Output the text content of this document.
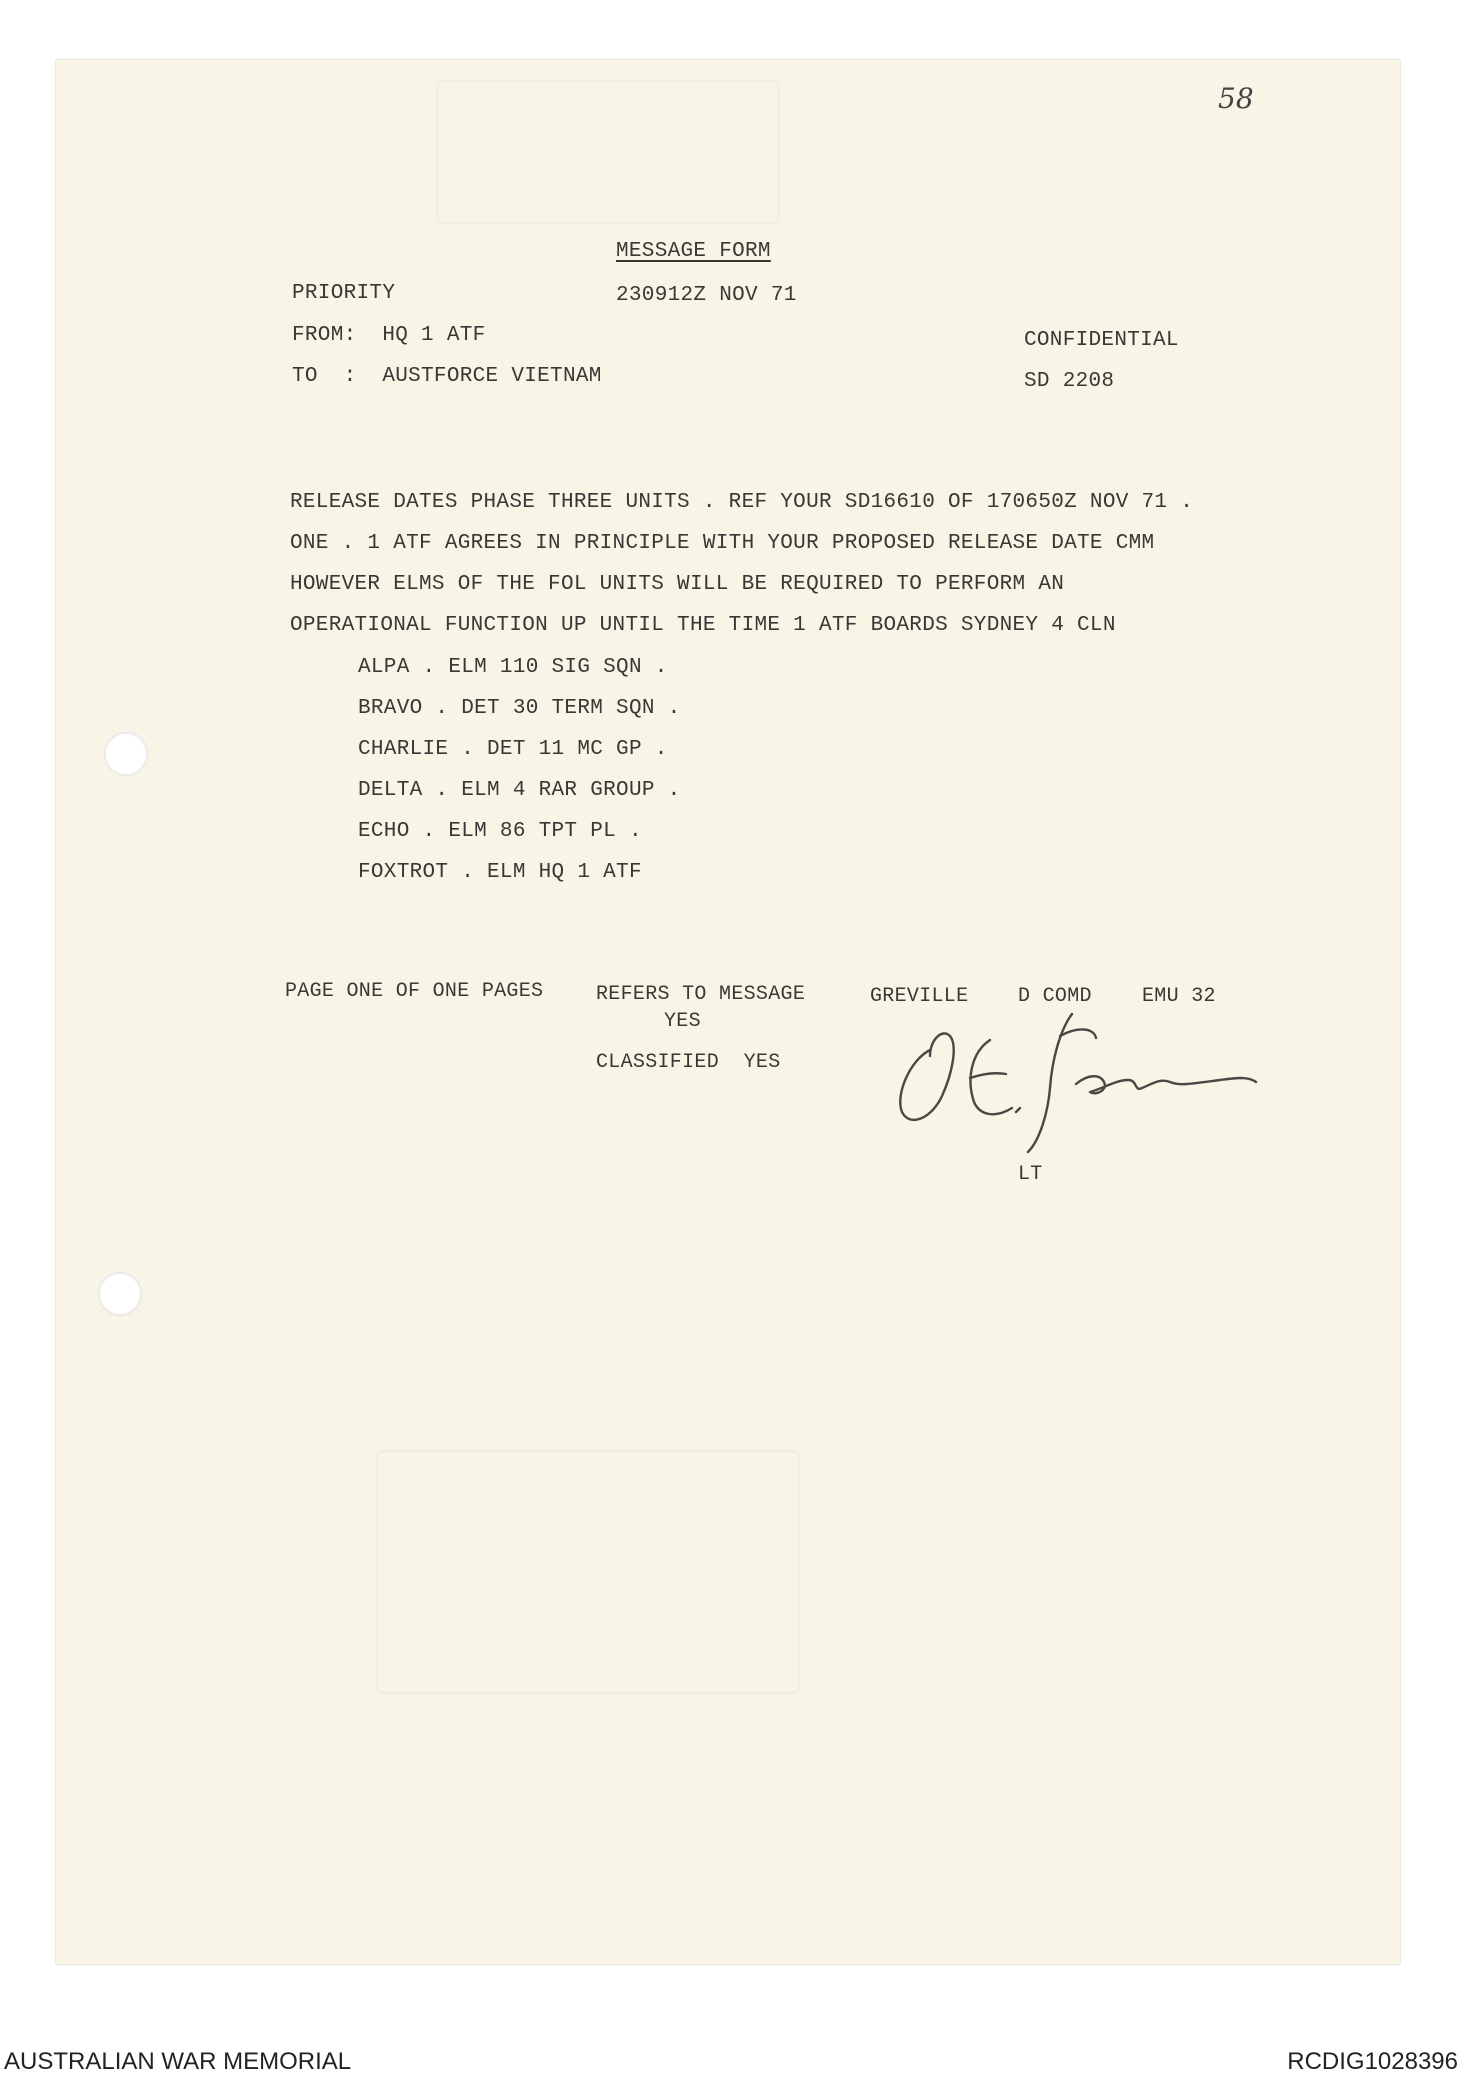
58
MESSAGE FORM
PRIORITY	230912Z NOV 71
FROM:  HQ 1 ATF
TO  :  AUSTFORCE VIETNAM
CONFIDENTIAL
SD 2208
RELEASE DATES PHASE THREE UNITS . REF YOUR SD16610 OF 170650Z NOV 71 .
ONE . 1 ATF AGREES IN PRINCIPLE WITH YOUR PROPOSED RELEASE DATE CMM
HOWEVER ELMS OF THE FOL UNITS WILL BE REQUIRED TO PERFORM AN
OPERATIONAL FUNCTION UP UNTIL THE TIME 1 ATF BOARDS SYDNEY 4 CLN
ALPA . ELM 110 SIG SQN .
BRAVO . DET 30 TERM SQN .
CHARLIE . DET 11 MC GP .
DELTA . ELM 4 RAR GROUP .
ECHO . ELM 86 TPT PL .
FOXTROT . ELM HQ 1 ATF
PAGE ONE OF ONE PAGES	REFERS TO MESSAGE
YES
CLASSIFIED  YES
GREVILLE D COMD	EMU 32
LT
AUSTRALIAN WAR MEMORIAL	RCDIG1028396
